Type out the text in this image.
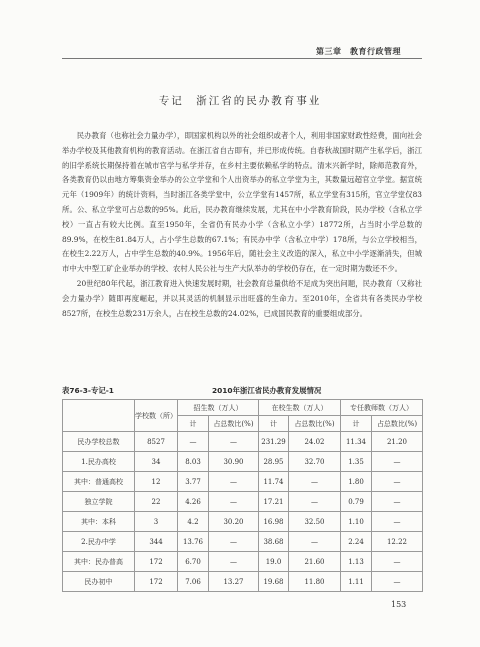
第三章　教育行政管理
专记　浙江省的民办教育事业

民办教育（也称社会力量办学），即国家机构以外的社会组织或者个人，利用非国家财政性经费，面向社会举办学校及其他教育机构的教育活动。在浙江省自古即有，并已形成传统。自春秋战国时期产生私学后，浙江的旧学系统长期保持着在城市官学与私学并存，在乡村主要依赖私学的特点。清末兴新学时，除师范教育外，各类教育仍以由地方筹集资金举办的公立学堂和个人出资举办的私立学堂为主，其数量远超官立学堂。据宣统元年（1909年）的统计资料，当时浙江各类学堂中，公立学堂有1457所，私立学堂有315所，官立学堂仅83所。公、私立学堂可占总数的95%。此后，民办教育继续发展，尤其在中小学教育阶段，民办学校（含私立学校）一直占有较大比例。直至1950年，全省仍有民办小学（含私立小学）18772所，占当时小学总数的89.9%，在校生81.84万人，占小学生总数的67.1%；有民办中学（含私立中学）178所，与公立学校相当，在校生2.22万人，占中学生总数的40.9%。1956年后，随社会主义改造的深入，私立中小学逐渐消失，但城市中大中型工矿企业举办的学校、农村人民公社与生产大队举办的学校仍存在，在一定时期为数还不少。

20世纪80年代起，浙江教育进入快速发展时期，社会教育总量供给不足成为突出问题，民办教育（又称社会力量办学）随即再度崛起，并以其灵活的机制显示出旺盛的生命力。至2010年，全省共有各类民办学校8527所，在校生总数231万余人，占在校生总数的24.02%，已成国民教育的重要组成部分。

表76-3-专记-1	2010年浙江省民办教育发展情况
	学校数（所）	招生数（万人）		在校生数（万人）		专任教师数（万人）	
		计	占总数比(%)	计	占总数比(%)	计	占总数比(%)
民办学校总数	8527	—	—	231.29	24.02	11.34	21.20
1.民办高校	34	8.03	30.90	28.95	32.70	1.35	—
其中：普通高校	12	3.77	—	11.74	—	1.80	—
独立学院	22	4.26	—	17.21	—	0.79	—
其中：本科	3	4.2	30.20	16.98	32.50	1.10	—
2.民办中学	344	13.76	—	38.68	—	2.24	12.22
其中：民办普高	172	6.70	—	19.0	21.60	1.13	—
民办初中	172	7.06	13.27	19.68	11.80	1.11	—
153
